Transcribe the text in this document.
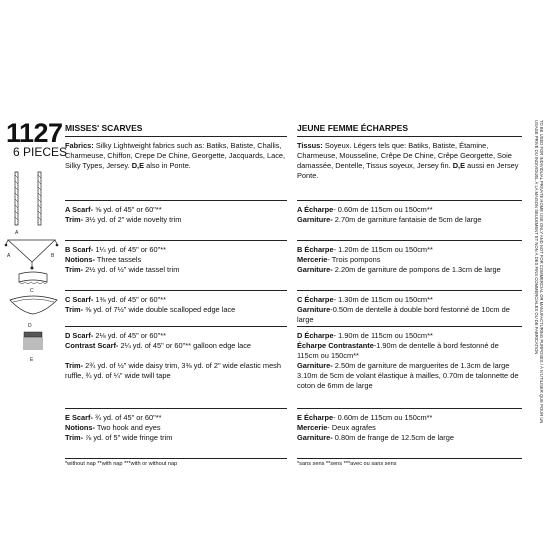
1127
6 PIECES
A
A	B
C
D
E
MISSES' SCARVES

Fabrics: Silky Lightweight fabrics such as: Batiks, Batiste, Challis, Charmeuse, Chiffon, Crepe De Chine, Georgette, Jacquards, Lace, Silky Types, Jersey. D,E also in Ponte.

A Scarf- ⅝ yd. of 45" or 60"**

Trim- 3½ yd. of 2" wide novelty trim

B Scarf- 1¼ yd. of 45" or 60"**

Notions- Three tassels

Trim- 2½ yd. of ½" wide tassel trim

C Scarf- 1⅜ yd. of 45" or 60"**

Trim- ⅜ yd. of 7½" wide double scalloped edge lace

D Scarf- 2⅛ yd. of 45" or 60"**

Contrast Scarf- 2¼ yd. of 45" or 60"** galloon edge lace

Trim- 2¾ yd. of ½" wide daisy trim, 3⅜ yd. of 2" wide elastic mesh ruffle, ¾ yd. of ¼" wide twill tape

E Scarf- ¾ yd. of 45" or 60"**

Notions- Two hook and eyes

Trim- ⅞ yd. of 5" wide fringe trim

*without nap **with nap ***with or without nap
JEUNE FEMME ÉCHARPES

Tissus: Soyeux. Légers tels que: Batiks, Batiste, Étamine, Charmeuse, Mousseline, Crêpe De Chine, Crêpe Georgette, Soie damassée, Dentelle, Tissus soyeux, Jersey fin. D,E aussi en Jersey Ponte.

A Écharpe- 0.60m de 115cm ou 150cm**

Garniture- 2.70m de garniture fantaisie de 5cm de large

B Écharpe- 1.20m de 115cm ou 150cm**

Mercerie- Trois pompons

Garniture- 2.20m de garniture de pompons de 1.3cm de large

C Écharpe- 1.30m de 115cm ou 150cm**

Garniture-0.50m de dentelle à double bord festonné de 10cm de large

D Écharpe- 1.90m de 115cm ou 150cm**

Écharpe Contrastante-1.90m de dentelle à bord festonné de 115cm ou 150cm**

Garniture- 2.50m de garniture de marguerites de 1.3cm de large 3.10m de 5cm de volant élastique à mailles, 0.70m de talonnette de coton de 6mm de large

E Écharpe- 0.60m de 115cm ou 150cm**

Mercerie- Deux agrafes

Garniture- 0.80m de frange de 12.5cm de large

*sans sens **sens ***avec ou sans sens
TO BE USED FOR INDIVIDUAL PRIVATE HOME USE ONLY AND NOT FOR COMMERCIAL OR MANUFACTURING PURPOSES / À N'UTILISER QUE POUR UN USAGE PRIVÉ OU INDIVIDUEL À LA MAISON SEULEMENT ET NON À DES FINS COMMERCIALES OU DE FABRICATION
